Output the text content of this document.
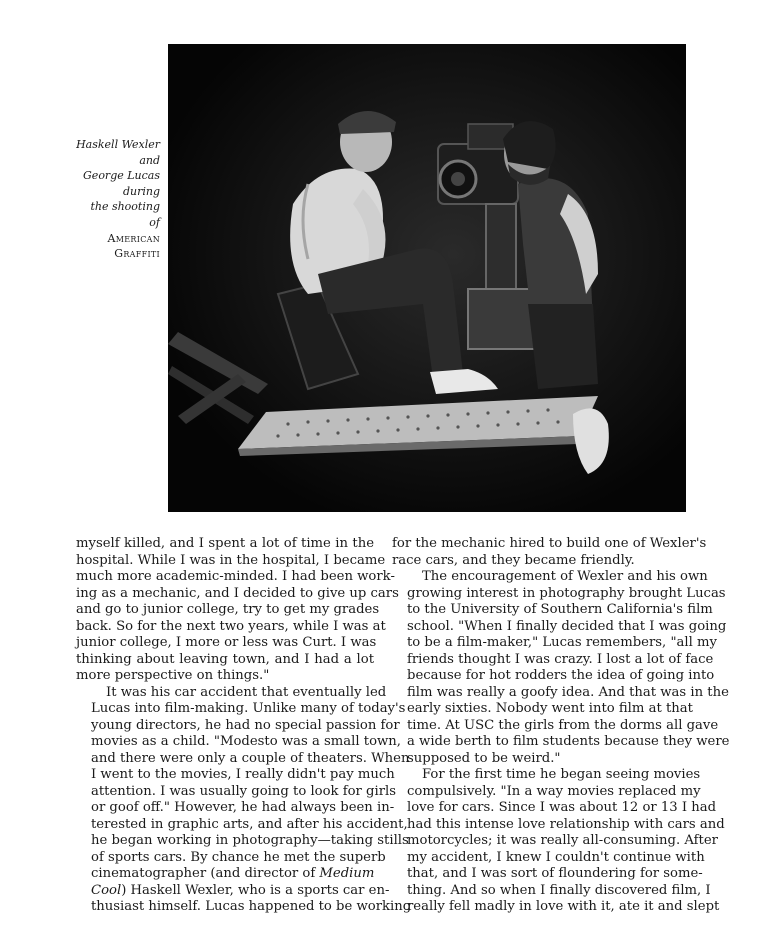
Haskell Wexler
and
George Lucas
during
the shooting
of
American
Graffiti

myself killed, and I spent a lot of time in the
hospital. While I was in the hospital, I became
much more academic-minded. I had been work-
ing as a mechanic, and I decided to give up cars
and go to junior college, try to get my grades
back. So for the next two years, while I was at
junior college, I more or less was Curt. I was
thinking about leaving town, and I had a lot
more perspective on things."

It was his car accident that eventually led
Lucas into film-making. Unlike many of today's
young directors, he had no special passion for
movies as a child. "Modesto was a small town,
and there were only a couple of theaters. When
I went to the movies, I really didn't pay much
attention. I was usually going to look for girls
or goof off." However, he had always been in-
terested in graphic arts, and after his accident,
he began working in photography—taking stills
of sports cars. By chance he met the superb
cinematographer (and director of Medium
Cool) Haskell Wexler, who is a sports car en-
thusiast himself. Lucas happened to be working

for the mechanic hired to build one of Wexler's
race cars, and they became friendly.

The encouragement of Wexler and his own
growing interest in photography brought Lucas
to the University of Southern California's film
school. "When I finally decided that I was going
to be a film-maker," Lucas remembers, "all my
friends thought I was crazy. I lost a lot of face
because for hot rodders the idea of going into
film was really a goofy idea. And that was in the
early sixties. Nobody went into film at that
time. At USC the girls from the dorms all gave
a wide berth to film students because they were
supposed to be weird."

For the first time he began seeing movies
compulsively. "In a way movies replaced my
love for cars. Since I was about 12 or 13 I had
had this intense love relationship with cars and
motorcycles; it was really all-consuming. After
my accident, I knew I couldn't continue with
that, and I was sort of floundering for some-
thing. And so when I finally discovered film, I
really fell madly in love with it, ate it and slept
